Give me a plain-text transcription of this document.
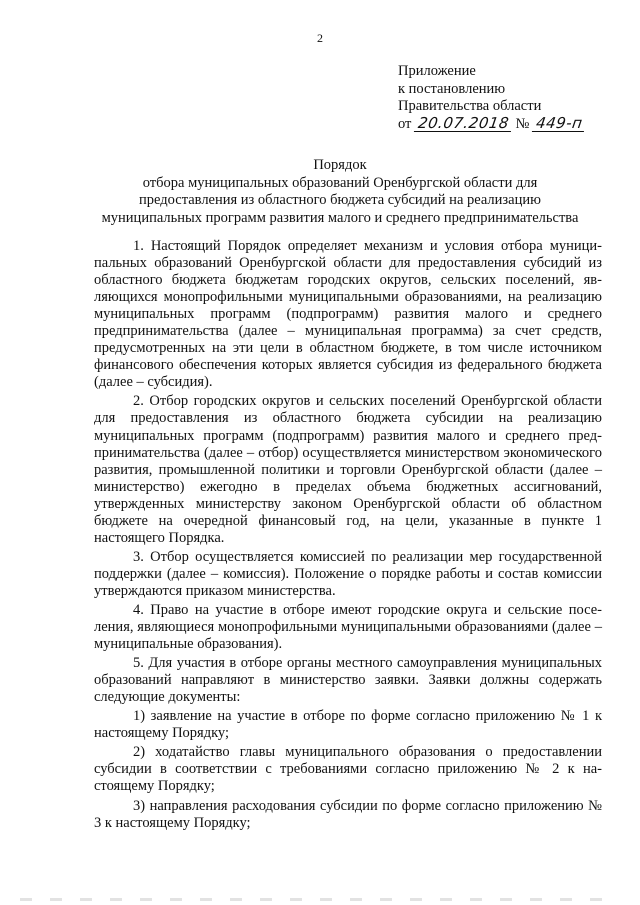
2
Приложение
к постановлению
Правительства области
от 20.07.2018 № 449-п
Порядок
отбора муниципальных образований Оренбургской области для
предоставления из областного бюджета субсидий на реализацию
муниципальных программ развития малого и среднего предпринимательства

1. Настоящий Порядок определяет механизм и условия отбора муниципальных образований Оренбургской области для предоставления субсидий из областного бюджета бюджетам городских округов, сельских поселений, являющихся монопрофильными муниципальными образованиями, на реализацию муниципальных программ (подпрограмм) развития малого и среднего предпринимательства (далее – муниципальная программа) за счет средств, предусмотренных на эти цели в областном бюджете, в том числе источником финансового обеспечения которых является субсидия из федерального бюджета (далее – субсидия).

2. Отбор городских округов и сельских поселений Оренбургской области для предоставления из областного бюджета субсидии на реализацию муниципальных программ (подпрограмм) развития малого и среднего предпринимательства (далее – отбор) осуществляется министерством экономического развития, промышленной политики и торговли Оренбургской области (далее – министерство) ежегодно в пределах объема бюджетных ассигнований, утвержденных министерству законом Оренбургской области об областном бюджете на очередной финансовый год, на цели, указанные в пункте 1 настоящего Порядка.

3. Отбор осуществляется комиссией по реализации мер государственной поддержки (далее – комиссия). Положение о порядке работы и состав комиссии утверждаются приказом министерства.

4. Право на участие в отборе имеют городские округа и сельские поселения, являющиеся монопрофильными муниципальными образованиями (далее – муниципальные образования).

5. Для участия в отборе органы местного самоуправления муниципальных образований направляют в министерство заявки. Заявки должны содержать следующие документы:

1) заявление на участие в отборе по форме согласно приложению № 1 к настоящему Порядку;

2) ходатайство главы муниципального образования о предоставлении субсидии в соответствии с требованиями согласно приложению № 2 к настоящему Порядку;

3) направления расходования субсидии по форме согласно приложению № 3 к настоящему Порядку;
